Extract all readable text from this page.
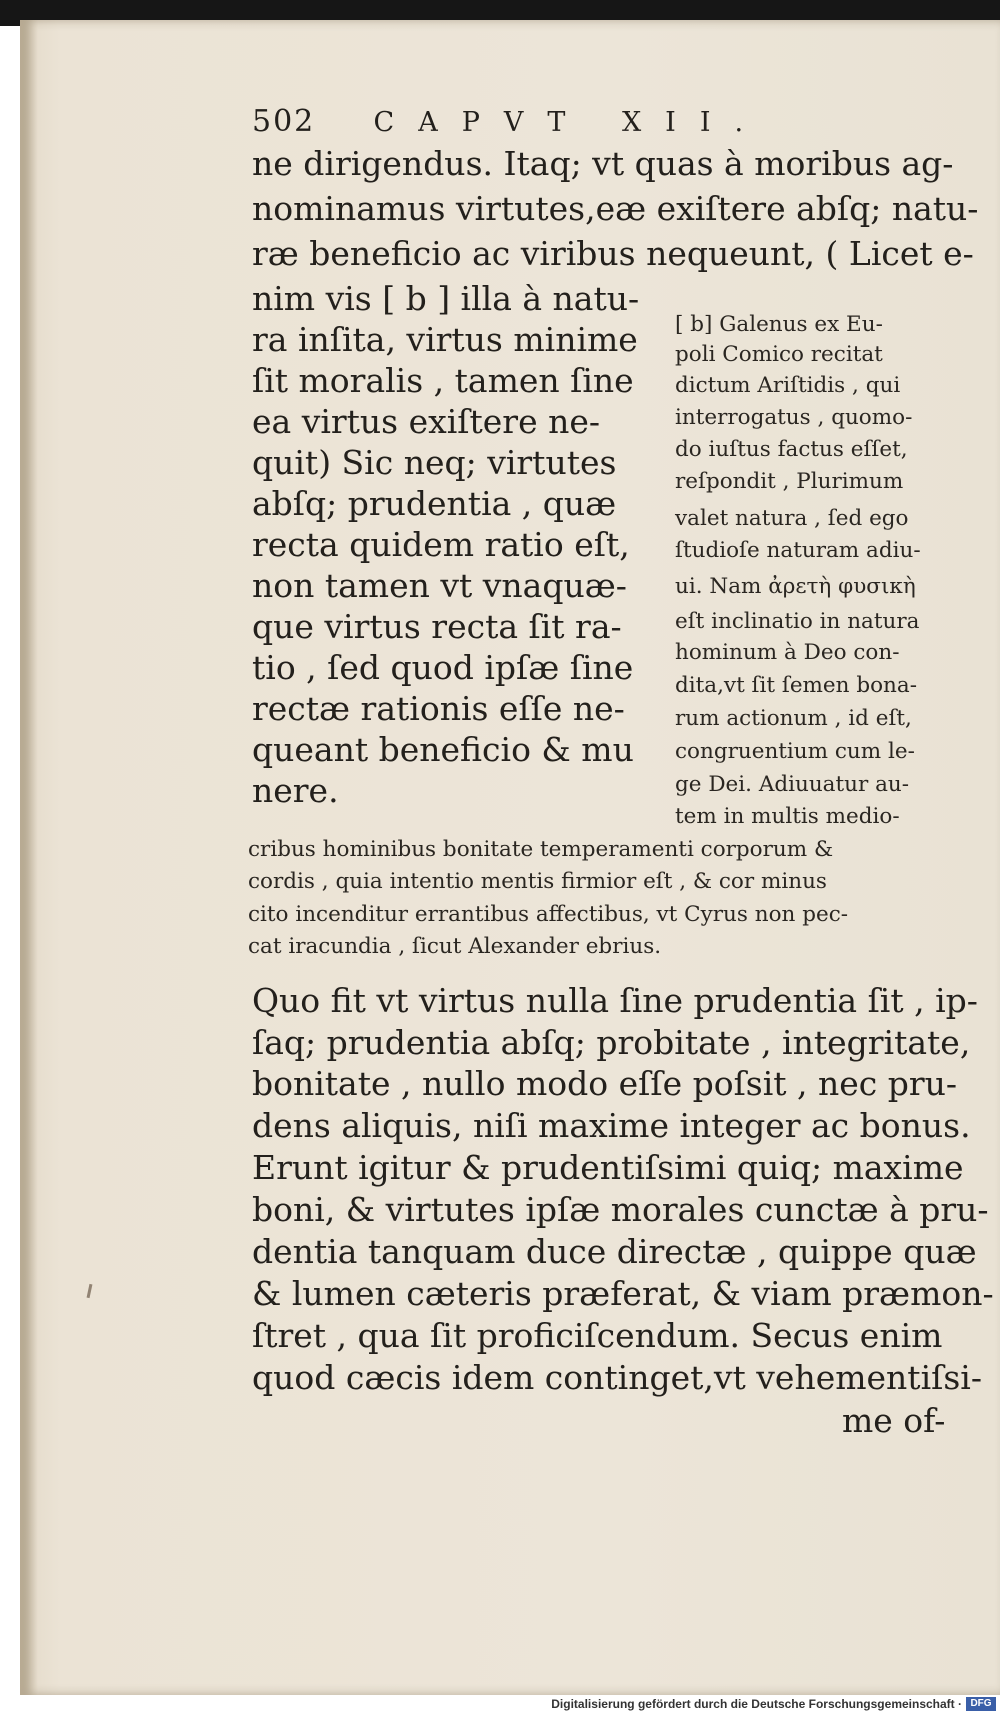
502 CAPVT XII.
ne dirigendus. Itaq; vt quas à moribus ag-
nominamus virtutes,eæ exiſtere abſq; natu-
ræ beneficio ac viribus nequeunt, ( Licet e-
nim vis [ b ] illa à natu-
ra inſita, virtus minime
ſit moralis , tamen ſine
ea virtus exiſtere ne-
quit) Sic neq; virtutes
abſq; prudentia , quæ
recta quidem ratio eſt,
non tamen vt vnaquæ-
que virtus recta ſit ra-
tio , ſed quod ipſæ ſine
rectæ rationis eſſe ne-
queant beneficio & mu
nere.
[ b] Galenus ex Eu-
poli Comico recitat
dictum Ariſtidis , qui
interrogatus , quomo-
do iuſtus factus eſſet,
reſpondit , Plurimum
valet natura , ſed ego
ſtudioſe naturam adiu-
ui. Nam ἀρετὴ φυσικὴ
eſt inclinatio in natura
hominum à Deo con-
dita,vt ſit ſemen bona-
rum actionum , id eſt,
congruentium cum le-
ge Dei. Adiuuatur au-
tem in multis medio-
cribus hominibus bonitate temperamenti corporum &
cordis , quia intentio mentis firmior eſt , & cor minus
cito incenditur errantibus affectibus, vt Cyrus non pec-
cat iracundia , ſicut Alexander ebrius.
Quo fit vt virtus nulla ſine prudentia ſit , ip-
ſaq; prudentia abſq; probitate , integritate,
bonitate , nullo modo eſſe poſsit , nec pru-
dens aliquis, niſi maxime integer ac bonus.
Erunt igitur & prudentiſsimi quiq; maxime
boni, & virtutes ipſæ morales cunctæ à pru-
dentia tanquam duce directæ , quippe quæ
& lumen cæteris præferat, & viam præmon-
ſtret , qua ſit proficiſcendum. Secus enim
quod cæcis idem continget,vt vehementiſsi-
me of-
Digitalisierung gefördert durch die Deutsche Forschungsgemeinschaft · DFG
